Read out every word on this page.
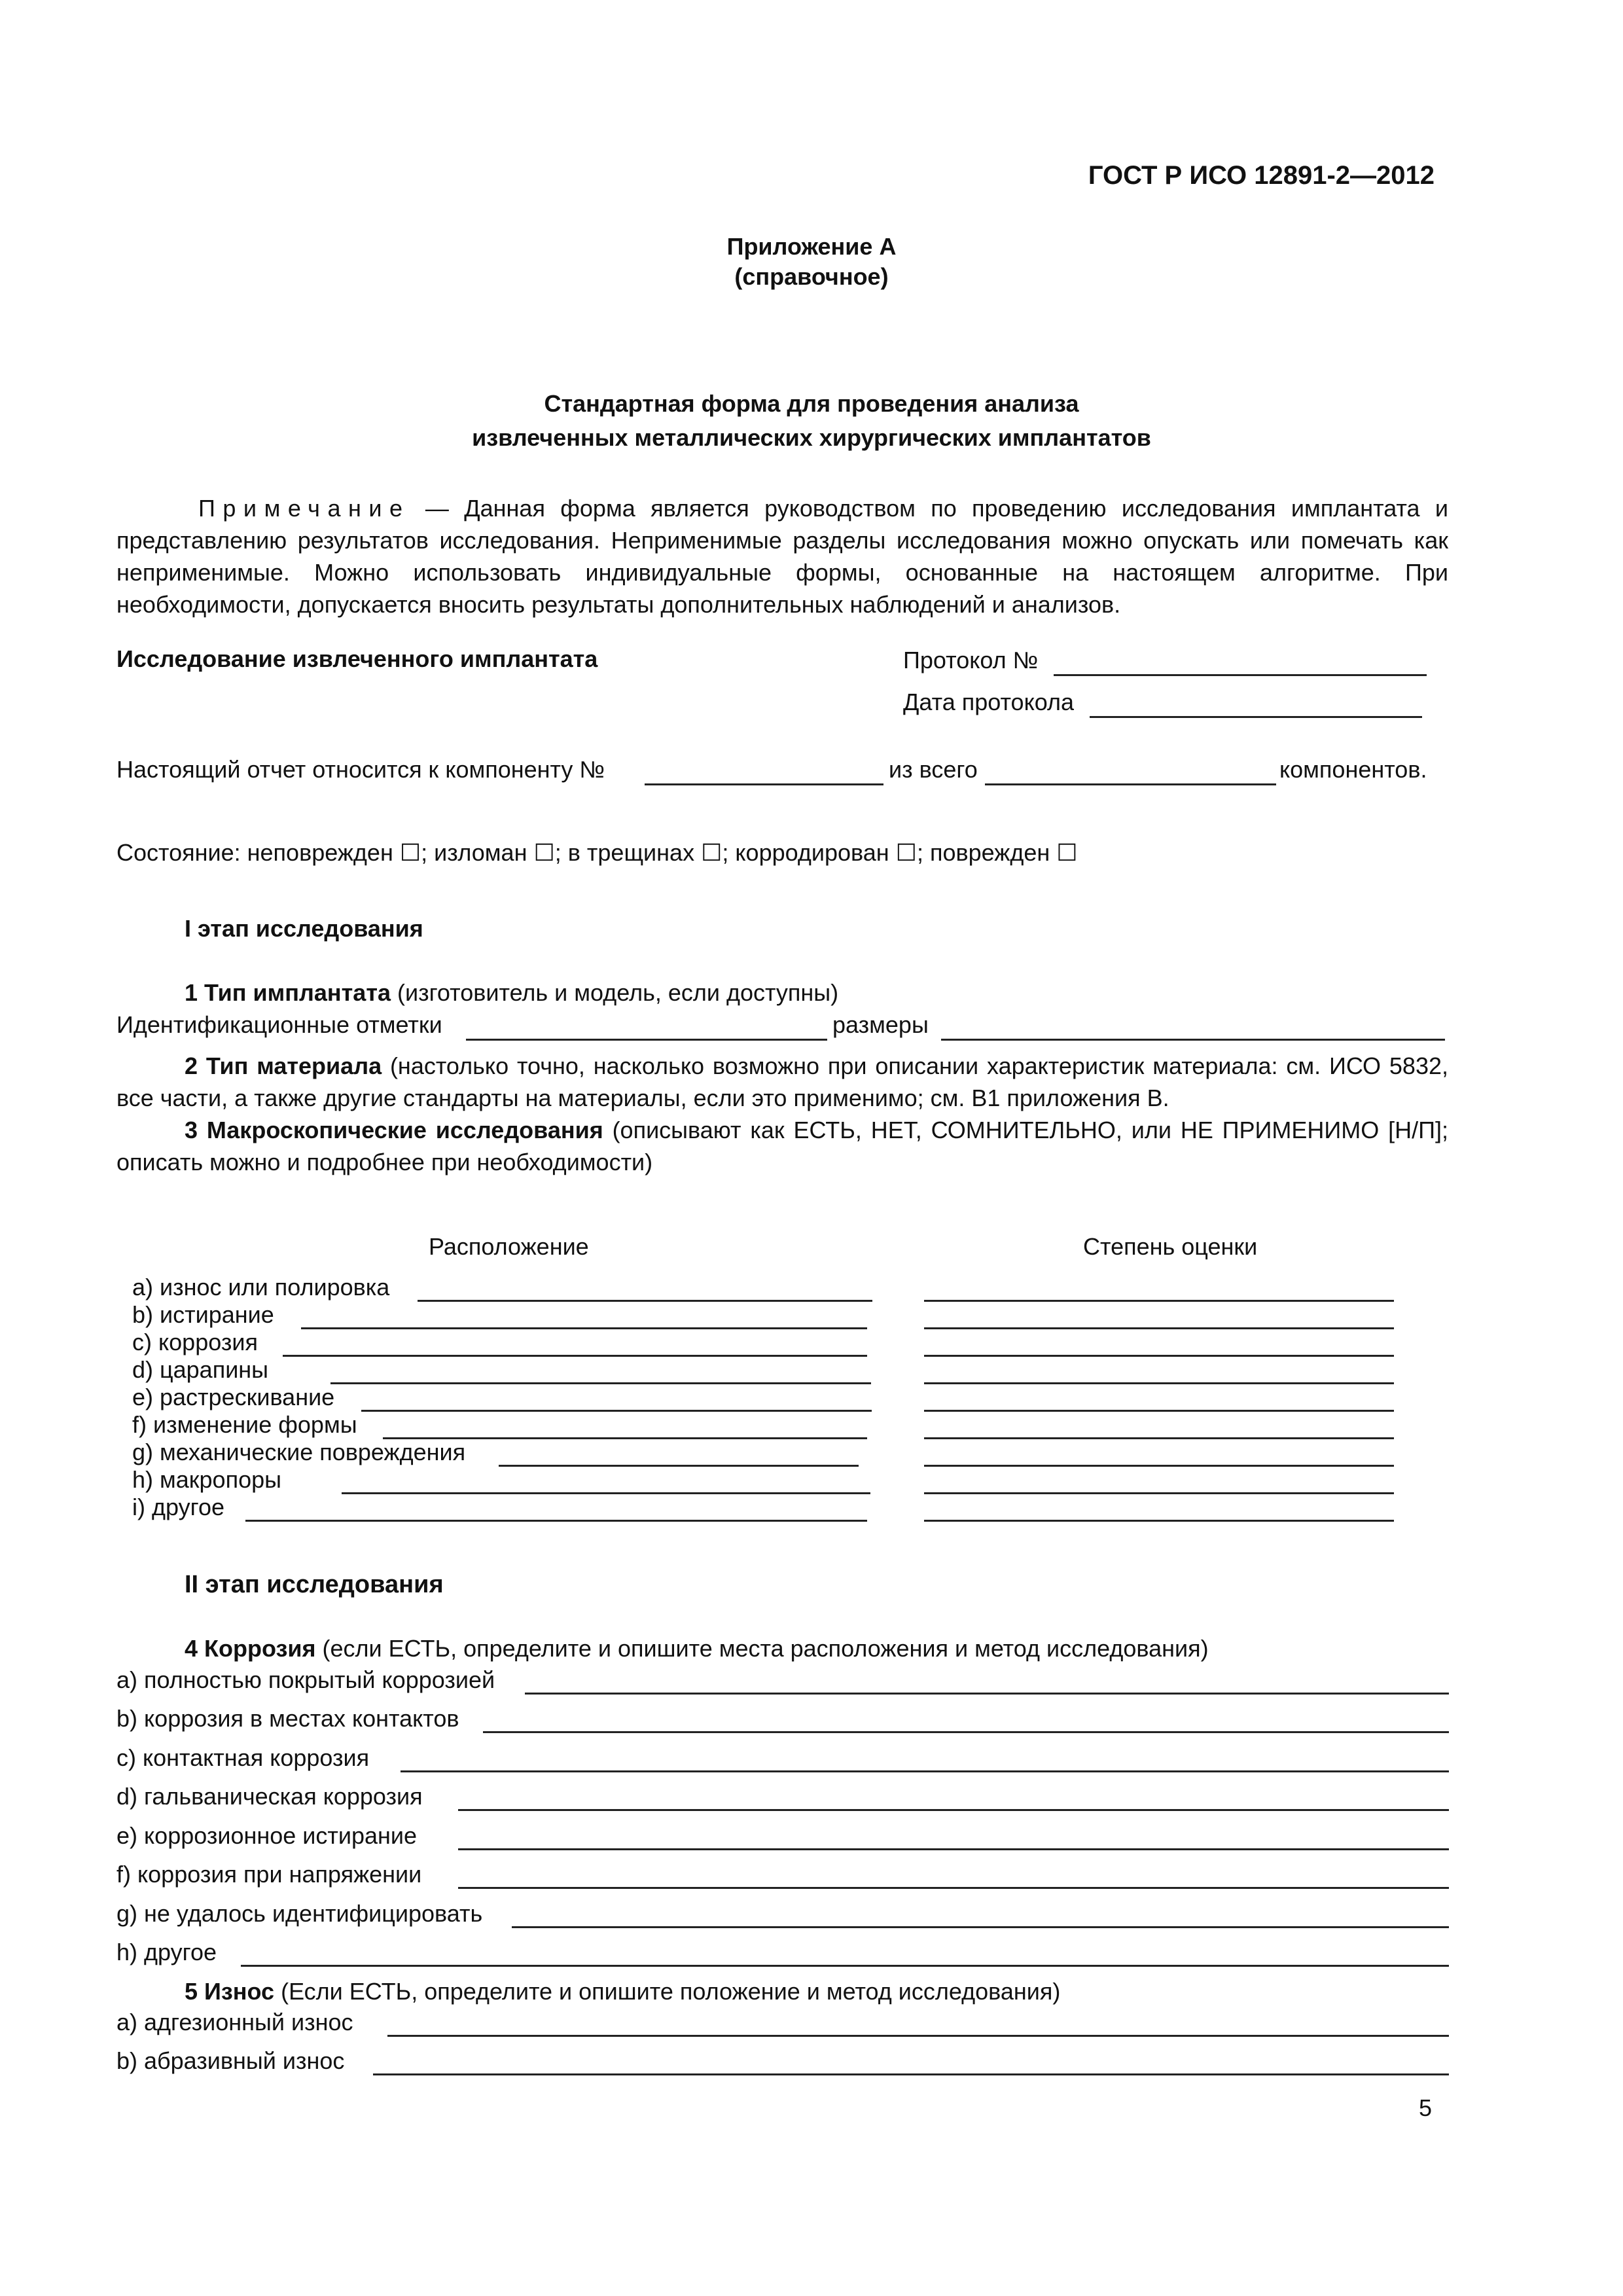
ГОСТ Р ИСО 12891-2—2012
Приложение А
(справочное)
Стандартная форма для проведения анализа
извлеченных металлических хирургических имплантатов
Примечание — Данная форма является руководством по проведению исследования имплантата и
представлению результатов исследования. Неприменимые разделы исследования можно опускать или помечать как неприменимые. Можно использовать индивидуальные формы, основанные на настоящем алгоритме. При необходимости, допускается вносить результаты дополнительных наблюдений и анализов.
Исследование извлеченного имплантата	Протокол №
Дата протокола
Настоящий отчет относится к компоненту №	из всего	компонентов.
Состояние: неповрежден ☐; изломан ☐; в трещинах ☐; корродирован ☐; поврежден ☐
I этап исследования
1 Тип имплантата (изготовитель и модель, если доступны)
Идентификационные отметки	размеры
2 Тип материала (настолько точно, насколько возможно при описании характеристик материала: см. ИСО 5832, все части, а также другие стандарты на материалы, если это применимо; см. В1 приложения В.
3 Макроскопические исследования (описывают как ЕСТЬ, НЕТ, СОМНИТЕЛЬНО, или НЕ ПРИМЕНИМО [Н/П]; описать можно и подробнее при необходимости)
Расположение	Степень оценки
a) износ или полировка
b) истирание
c) коррозия
d) царапины
e) растрескивание
f) изменение формы
g) механические повреждения
h) макропоры
i) другое
II этап исследования
4 Коррозия (если ЕСТЬ, определите и опишите места расположения и метод исследования)
a) полностью покрытый коррозией
b) коррозия в местах контактов
c) контактная коррозия
d) гальваническая коррозия
e) коррозионное истирание
f) коррозия при напряжении
g) не удалось идентифицировать
h) другое
5 Износ (Если ЕСТЬ, определите и опишите положение и метод исследования)
a) адгезионный износ
b) абразивный износ
5
